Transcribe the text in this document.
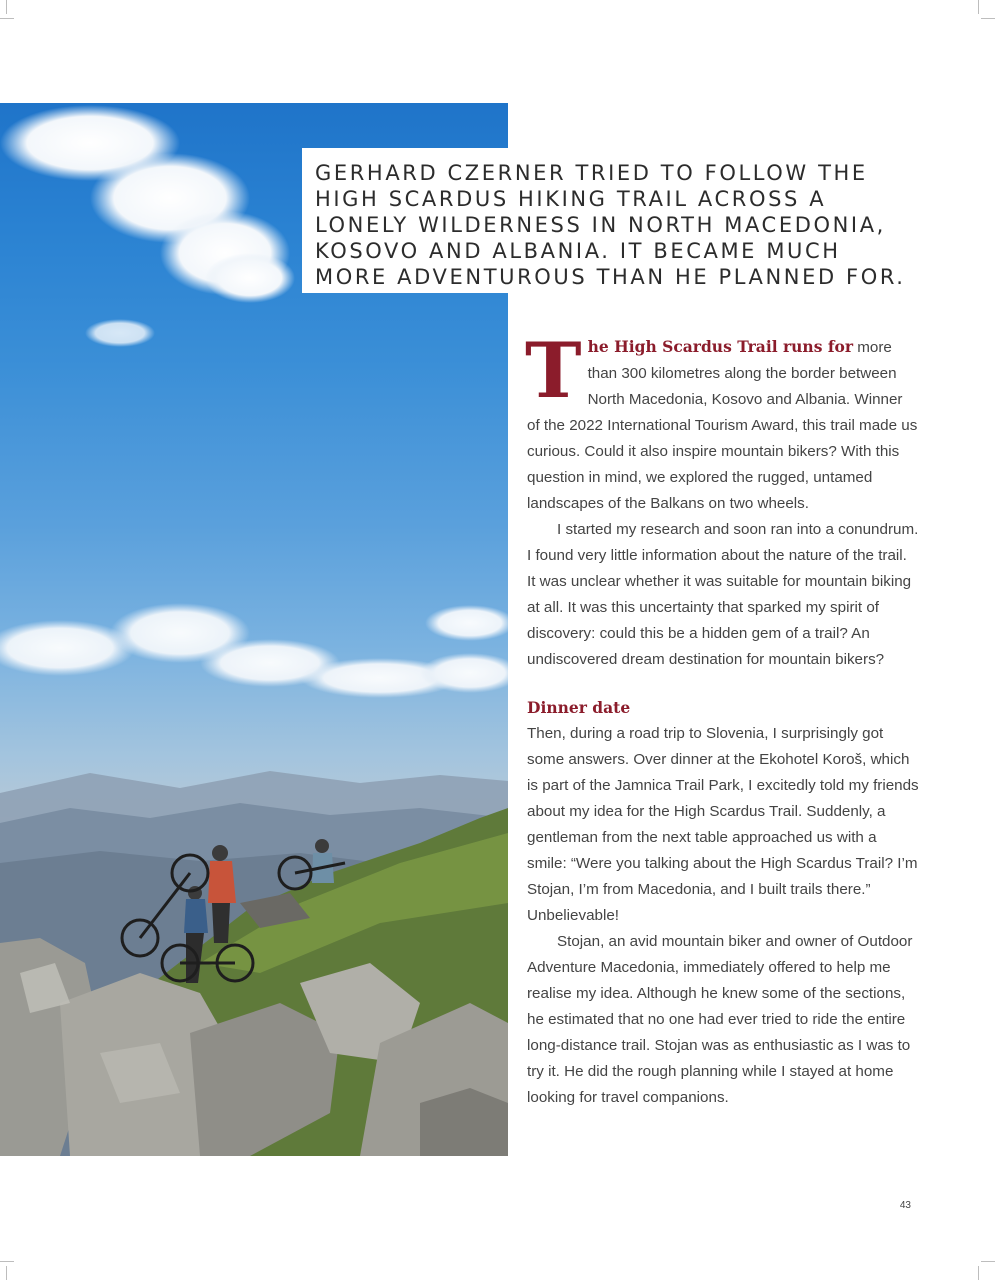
GERHARD CZERNER TRIED TO FOLLOW THE
HIGH SCARDUS HIKING TRAIL ACROSS A
LONELY WILDERNESS IN NORTH MACEDONIA,
KOSOVO AND ALBANIA. IT BECAME MUCH
MORE ADVENTUROUS THAN HE PLANNED FOR.

The High Scardus Trail runs for more than 300 kilometres along the border between North Macedonia, Kosovo and Albania. Winner of the 2022 International Tourism Award, this trail made us curious. Could it also inspire mountain bikers? With this question in mind, we explored the rugged, untamed landscapes of the Balkans on two wheels.

I started my research and soon ran into a conundrum. I found very little information about the nature of the trail. It was unclear whether it was suitable for mountain biking at all. It was this uncertainty that sparked my spirit of discovery: could this be a hidden gem of a trail? An undiscovered dream destination for mountain bikers?

Dinner date

Then, during a road trip to Slovenia, I surprisingly got some answers. Over dinner at the Ekohotel Koroš, which is part of the Jamnica Trail Park, I excitedly told my friends about my idea for the High Scardus Trail. Suddenly, a gentleman from the next table approached us with a smile: “Were you talking about the High Scardus Trail? I’m Stojan, I’m from Macedonia, and I built trails there.” Unbelievable!

Stojan, an avid mountain biker and owner of Outdoor Adventure Macedonia, immediately offered to help me realise my idea. Although he knew some of the sections, he estimated that no one had ever tried to ride the entire long-distance trail. Stojan was as enthusiastic as I was to try it. He did the rough planning while I stayed at home looking for travel companions.

43
